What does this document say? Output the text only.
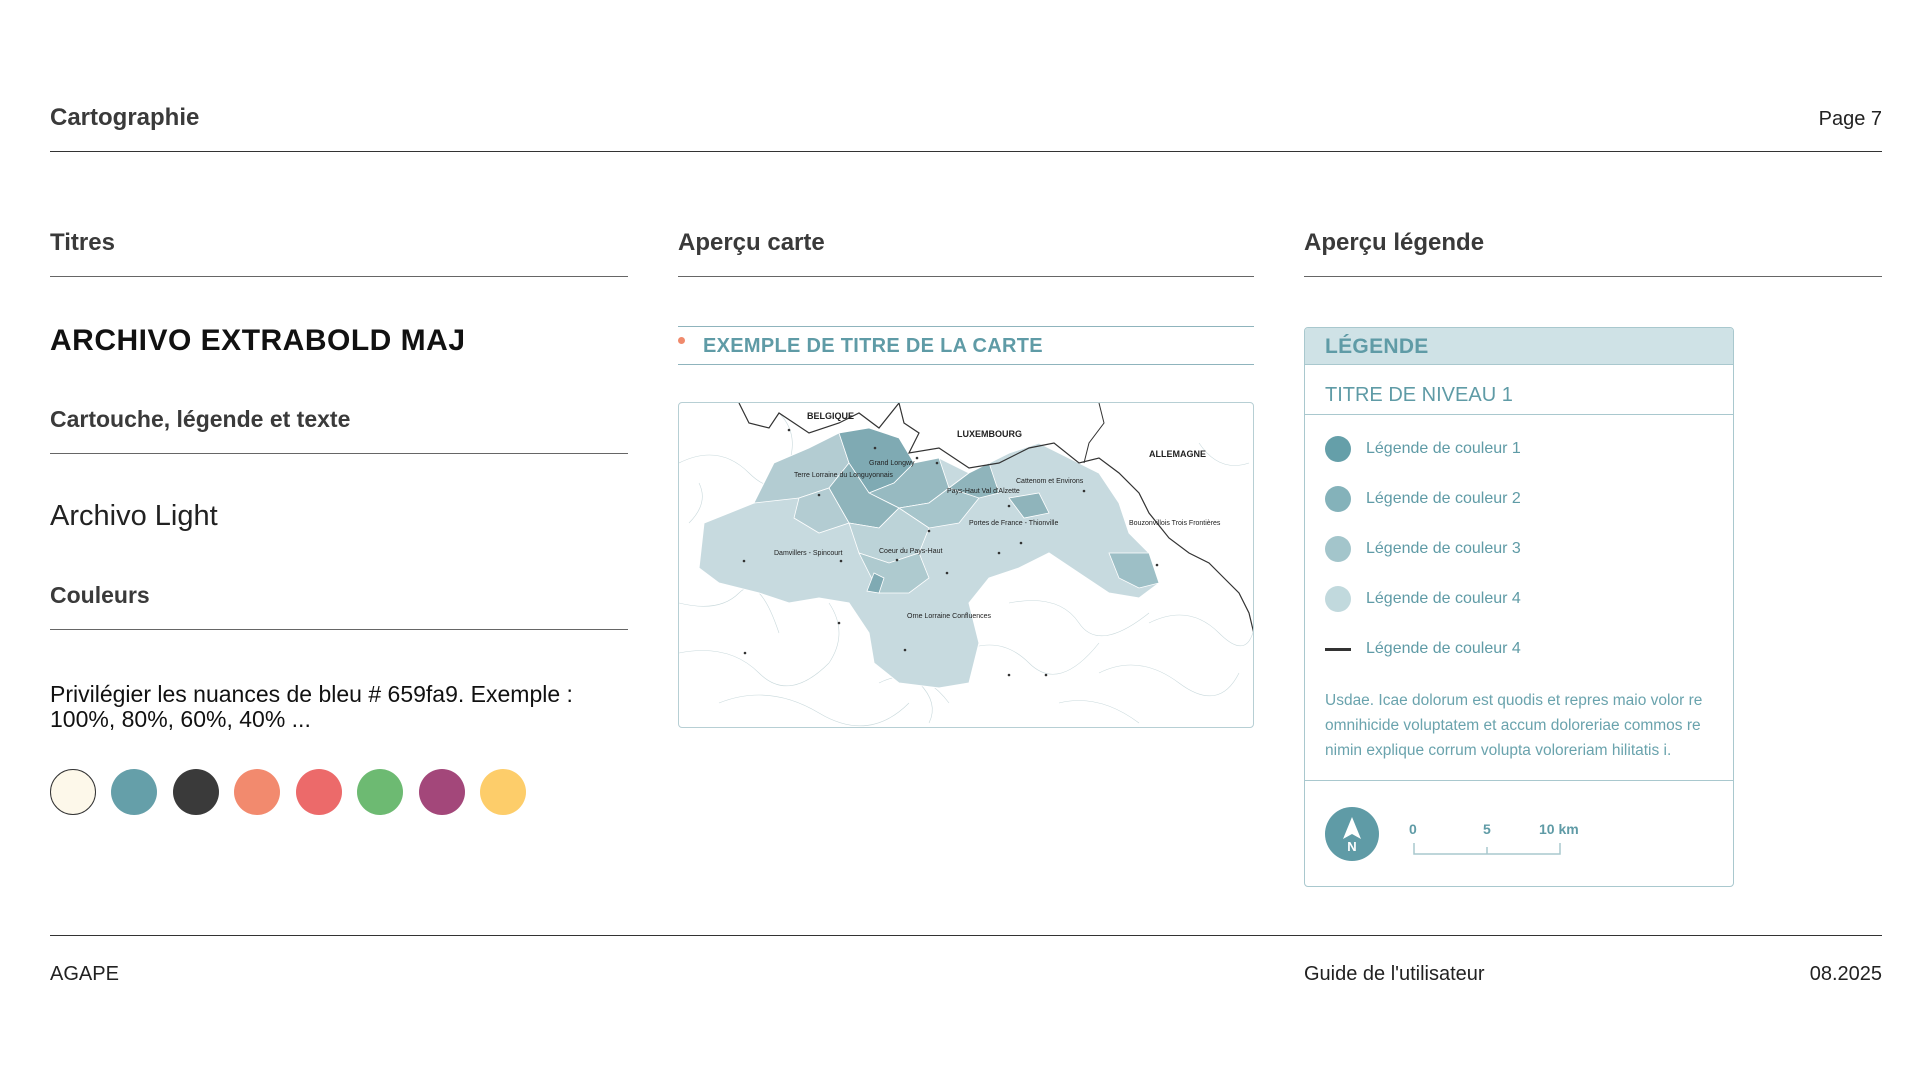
Cartographie	Page 7
Titres	Aperçu carte	Aperçu légende
ARCHIVO EXTRABOLD MAJ
Cartouche, légende et texte
Archivo Light
Couleurs
Privilégier les nuances de bleu # 659fa9. Exemple : 100%, 80%, 60%, 40% ...
EXEMPLE DE TITRE DE LA CARTE
BELGIQUE
LUXEMBOURG
ALLEMAGNE
Terre Lorraine du Longuyonnais
Grand Longwy
Cattenom et Environs
Pays-Haut Val d'Alzette
Portes de France - Thionville	Bouzonvillois Trois Frontières
Damvillers - Spincourt	Coeur du Pays-Haut
Orne Lorraine Confluences
LÉGENDE
TITRE DE NIVEAU 1
Légende de couleur 1
Légende de couleur 2
Légende de couleur 3
Légende de couleur 4
Légende de couleur 4
Usdae. Icae dolorum est quodis et repres maio volor re omnihicide voluptatem et accum doloreriae commos re nimin explique corrum volupta voloreriam hilitatis i.
N
0	5	10 km
AGAPE	Guide de l'utilisateur	08.2025
